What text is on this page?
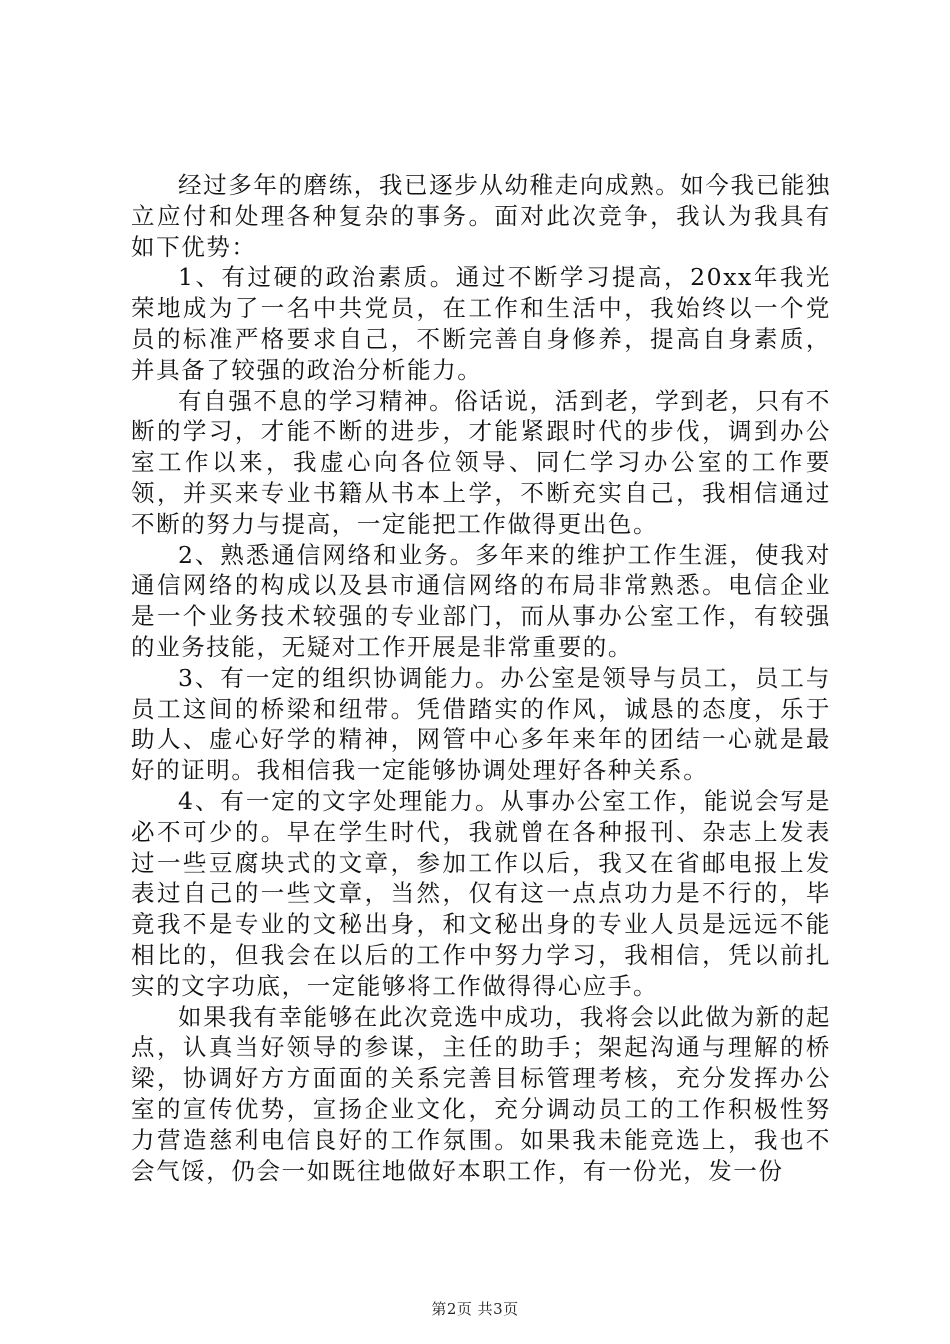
经过多年的磨练，我已逐步从幼稚走向成熟。如今我已能独立应付和处理各种复杂的事务。面对此次竞争，我认为我具有如下优势：

1、有过硬的政治素质。通过不断学习提高，20xx年我光荣地成为了一名中共党员，在工作和生活中，我始终以一个党员的标准严格要求自己，不断完善自身修养，提高自身素质，并具备了较强的政治分析能力。

有自强不息的学习精神。俗话说，活到老，学到老，只有不断的学习，才能不断的进步，才能紧跟时代的步伐，调到办公室工作以来，我虚心向各位领导、同仁学习办公室的工作要领，并买来专业书籍从书本上学，不断充实自己，我相信通过不断的努力与提高，一定能把工作做得更出色。

2、熟悉通信网络和业务。多年来的维护工作生涯，使我对通信网络的构成以及县市通信网络的布局非常熟悉。电信企业是一个业务技术较强的专业部门，而从事办公室工作，有较强的业务技能，无疑对工作开展是非常重要的。

3、有一定的组织协调能力。办公室是领导与员工，员工与员工这间的桥梁和纽带。凭借踏实的作风，诚恳的态度，乐于助人、虚心好学的精神，网管中心多年来年的团结一心就是最好的证明。我相信我一定能够协调处理好各种关系。

4、有一定的文字处理能力。从事办公室工作，能说会写是必不可少的。早在学生时代，我就曾在各种报刊、杂志上发表过一些豆腐块式的文章，参加工作以后，我又在省邮电报上发表过自己的一些文章，当然，仅有这一点点功力是不行的，毕竟我不是专业的文秘出身，和文秘出身的专业人员是远远不能相比的，但我会在以后的工作中努力学习，我相信，凭以前扎实的文字功底，一定能够将工作做得得心应手。

如果我有幸能够在此次竞选中成功，我将会以此做为新的起点，认真当好领导的参谋，主任的助手；架起沟通与理解的桥梁，协调好方方面面的关系完善目标管理考核，充分发挥办公室的宣传优势，宣扬企业文化，充分调动员工的工作积极性努力营造慈利电信良好的工作氛围。如果我未能竞选上，我也不会气馁，仍会一如既往地做好本职工作，有一份光，发一份

第2页 共3页
